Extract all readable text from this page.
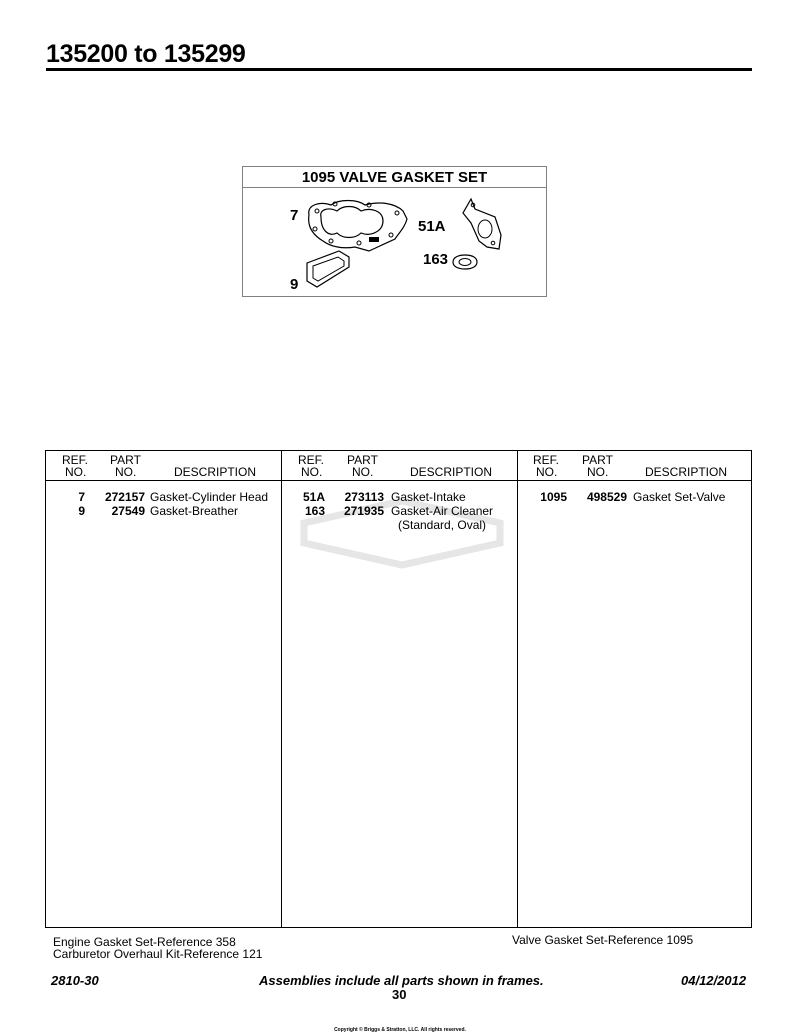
135200 to 135299
1095 VALVE GASKET SET
7
51A
163
9
REF.
NO.
PART
NO.	DESCRIPTION
7 272157 Gasket-Cylinder Head
9 27549 Gasket-Breather
REF.
NO.
PART
NO.	DESCRIPTION
51A 273113 Gasket-Intake
163 271935 Gasket-Air Cleaner
(Standard, Oval)
REF.
NO.
PART
NO.	DESCRIPTION
1095 498529 Gasket Set-Valve
Engine Gasket Set-Reference 358
Carburetor Overhaul Kit-Reference 121
Valve Gasket Set-Reference 1095
2810-30	Assemblies include all parts shown in frames.	04/12/2012
30
Copyright © Briggs & Stratton, LLC. All rights reserved.
